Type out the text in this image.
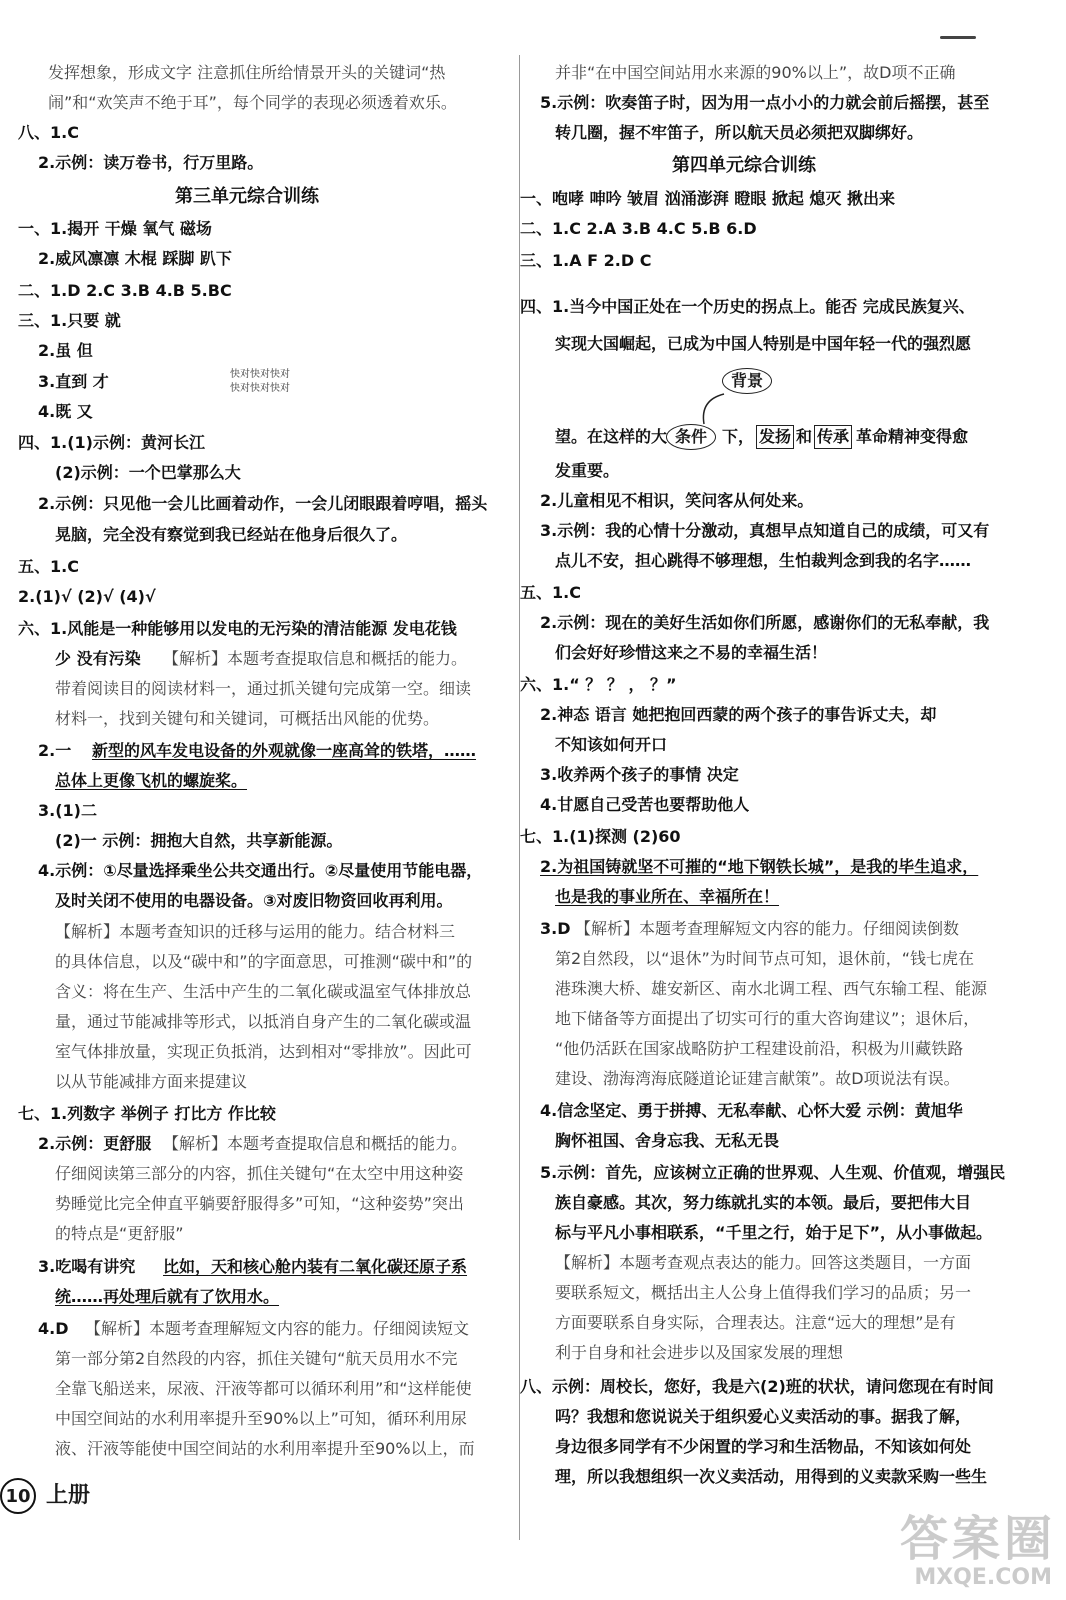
发挥想象，形成文字 注意抓住所给情景开头的关键词“热
闹”和“欢笑声不绝于耳”，每个同学的表现必须透着欢乐。
八、1.C
2.示例：读万卷书，行万里路。
第三单元综合训练
一、1.揭开 干燥 氧气 磁场
2.威风凛凛 木棍 踩脚 趴下
二、1.D 2.C 3.B 4.B 5.BC
三、1.只要 就
2.虽 但
3.直到 才	快对快对快对
快对快对快对
4.既 又
四、1.(1)示例：黄河长江
(2)示例：一个巴掌那么大
2.示例：只见他一会儿比画着动作，一会儿闭眼跟着哼唱，摇头
晃脑，完全没有察觉到我已经站在他身后很久了。
五、1.C
2.(1)√ (2)√ (4)√
六、1.风能是一种能够用以发电的无污染的清洁能源 发电花钱
少 没有污染 【解析】本题考查提取信息和概括的能力。
带着阅读目的阅读材料一，通过抓关键句完成第一空。细读
材料一，找到关键句和关键词，可概括出风能的优势。
2.一 新型的风车发电设备的外观就像一座高耸的铁塔，……
总体上更像飞机的螺旋桨。
3.(1)二
(2)一 示例：拥抱大自然，共享新能源。
4.示例：①尽量选择乘坐公共交通出行。②尽量使用节能电器，
及时关闭不使用的电器设备。③对废旧物资回收再利用。
【解析】本题考查知识的迁移与运用的能力。结合材料三
的具体信息，以及“碳中和”的字面意思，可推测“碳中和”的
含义：将在生产、生活中产生的二氧化碳或温室气体排放总
量，通过节能减排等形式，以抵消自身产生的二氧化碳或温
室气体排放量，实现正负抵消，达到相对“零排放”。因此可
以从节能减排方面来提建议
七、1.列数字 举例子 打比方 作比较
2.示例：更舒服 【解析】本题考查提取信息和概括的能力。
仔细阅读第三部分的内容，抓住关键句“在太空中用这种姿
势睡觉比完全伸直平躺要舒服得多”可知，“这种姿势”突出
的特点是“更舒服”
3.吃喝有讲究 比如，天和核心舱内装有二氧化碳还原子系
统……再处理后就有了饮用水。
4.D 【解析】本题考查理解短文内容的能力。仔细阅读短文
第一部分第2自然段的内容，抓住关键句“航天员用水不完
全靠飞船送来，尿液、汗液等都可以循环利用”和“这样能使
中国空间站的水利用率提升至90%以上”可知，循环利用尿
液、汗液等能使中国空间站的水利用率提升至90%以上，而
并非“在中国空间站用水来源的90%以上”，故D项不正确
5.示例：吹奏笛子时，因为用一点小小的力就会前后摇摆，甚至
转几圈，握不牢笛子，所以航天员必须把双脚绑好。
第四单元综合训练
一、咆哮 呻吟 皱眉 汹涌澎湃 瞪眼 掀起 熄灭 揪出来
二、1.C 2.A 3.B 4.C 5.B 6.D
三、1.A F 2.D C
四、1.当今中国正处在一个历史的拐点上。能否 完成民族复兴、
实现大国崛起，已成为中国人特别是中国年轻一代的强烈愿
望。在这样的大 条件 下， 发扬 和 传承 革命精神变得愈
背景
发重要。
2.儿童相见不相识，笑问客从何处来。
3.示例：我的心情十分激动，真想早点知道自己的成绩，可又有
点儿不安，担心跳得不够理想，生怕裁判念到我的名字……
五、1.C
2.示例：现在的美好生活如你们所愿，感谢你们的无私奉献，我
们会好好珍惜这来之不易的幸福生活！
六、1.“ ？ ？ ， ？”
2.神态 语言 她把抱回西蒙的两个孩子的事告诉丈夫，却
不知该如何开口
3.收养两个孩子的事情 决定
4.甘愿自己受苦也要帮助他人
七、1.(1)探测 (2)60
2.为祖国铸就坚不可摧的“地下钢铁长城”，是我的毕生追求，
也是我的事业所在、幸福所在！
3.D 【解析】本题考查理解短文内容的能力。仔细阅读倒数
第2自然段，以“退休”为时间节点可知，退休前，“钱七虎在
港珠澳大桥、雄安新区、南水北调工程、西气东输工程、能源
地下储备等方面提出了切实可行的重大咨询建议”；退休后，
“他仍活跃在国家战略防护工程建设前沿，积极为川藏铁路
建设、渤海湾海底隧道论证建言献策”。故D项说法有误。
4.信念坚定、勇于拼搏、无私奉献、心怀大爱 示例：黄旭华
胸怀祖国、舍身忘我、无私无畏
5.示例：首先，应该树立正确的世界观、人生观、价值观，增强民
族自豪感。其次，努力练就扎实的本领。最后，要把伟大目
标与平凡小事相联系，“千里之行，始于足下”，从小事做起。
【解析】本题考查观点表达的能力。回答这类题目，一方面
要联系短文，概括出主人公身上值得我们学习的品质；另一
方面要联系自身实际，合理表达。注意“远大的理想”是有
利于自身和社会进步以及国家发展的理想
八、示例：周校长，您好，我是六(2)班的状状，请问您现在有时间
吗？我想和您说说关于组织爱心义卖活动的事。据我了解，
身边很多同学有不少闲置的学习和生活物品，不知该如何处
理，所以我想组织一次义卖活动，用得到的义卖款采购一些生
10 上册
答案圈
MXQE.COM
